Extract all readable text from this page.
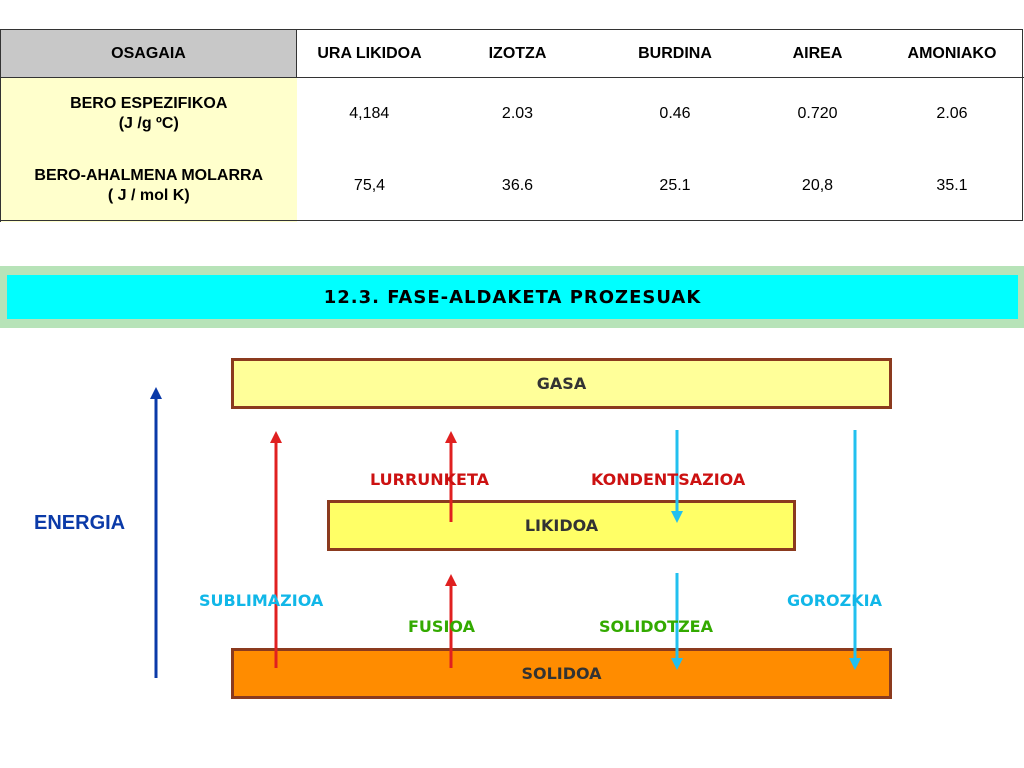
OSAGAIA	URA LIKIDOA	IZOTZA	BURDINA	AIREA	AMONIAKO

BERO ESPEZIFIKOA
(J /g ºC)	4,184	2.03	0.46	0.720	2.06

BERO-AHALMENA MOLARRA
( J / mol K)	75,4	36.6	25.1	20,8	35.1
12.3. FASE-ALDAKETA PROZESUAK
GASA
LIKIDOA
SOLIDOA
ENERGIA
LURRUNKETA	KONDENTSAZIOA
SUBLIMAZIOA	GOROZKIA
FUSIOA	SOLIDOTZEA
